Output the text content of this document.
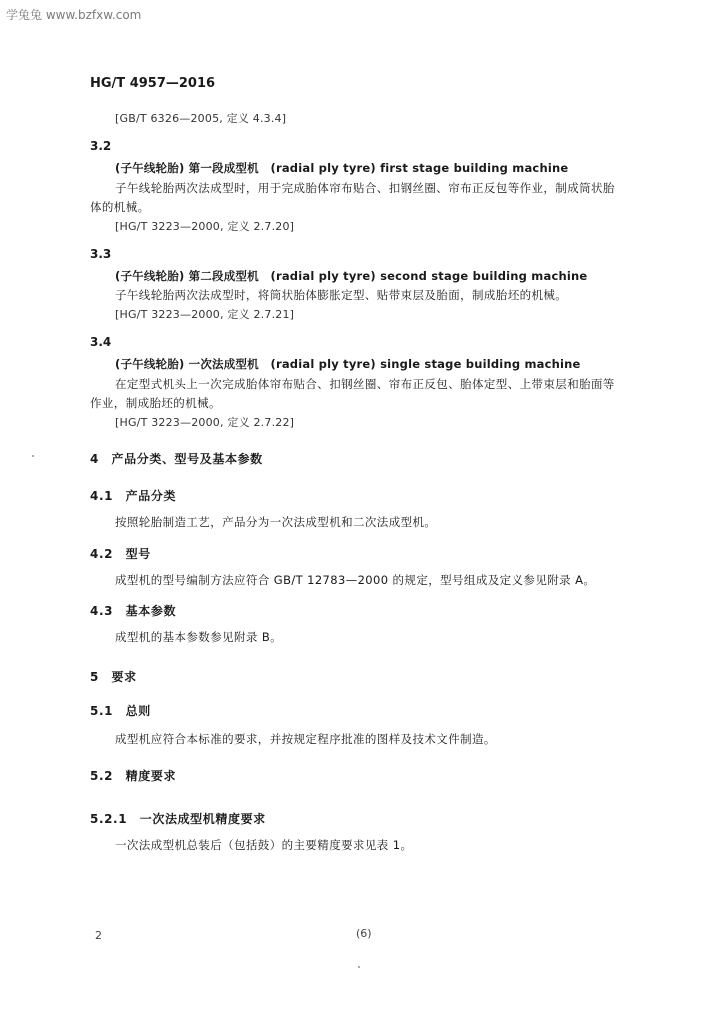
学兔兔 www.bzfxw.com
HG/T 4957—2016
[GB/T 6326—2005, 定义 4.3.4]
3.2
(子午线轮胎) 第一段成型机　(radial ply tyre) first stage building machine
子午线轮胎两次法成型时，用于完成胎体帘布贴合、扣钢丝圈、帘布正反包等作业，制成筒状胎
体的机械。
[HG/T 3223—2000, 定义 2.7.20]
3.3
(子午线轮胎) 第二段成型机　(radial ply tyre) second stage building machine
子午线轮胎两次法成型时，将筒状胎体膨胀定型、贴带束层及胎面，制成胎坯的机械。
[HG/T 3223—2000, 定义 2.7.21]
3.4
(子午线轮胎) 一次法成型机　(radial ply tyre) single stage building machine
在定型式机头上一次完成胎体帘布贴合、扣钢丝圈、帘布正反包、胎体定型、上带束层和胎面等
作业，制成胎坯的机械。
[HG/T 3223—2000, 定义 2.7.22]
4　产品分类、型号及基本参数
4.1　产品分类
按照轮胎制造工艺，产品分为一次法成型机和二次法成型机。
4.2　型号
成型机的型号编制方法应符合 GB/T 12783—2000 的规定，型号组成及定义参见附录 A。
4.3　基本参数
成型机的基本参数参见附录 B。
5　要求
5.1　总则
成型机应符合本标准的要求，并按规定程序批准的图样及技术文件制造。
5.2　精度要求
5.2.1　一次法成型机精度要求
一次法成型机总装后（包括鼓）的主要精度要求见表 1。
2	(6)
